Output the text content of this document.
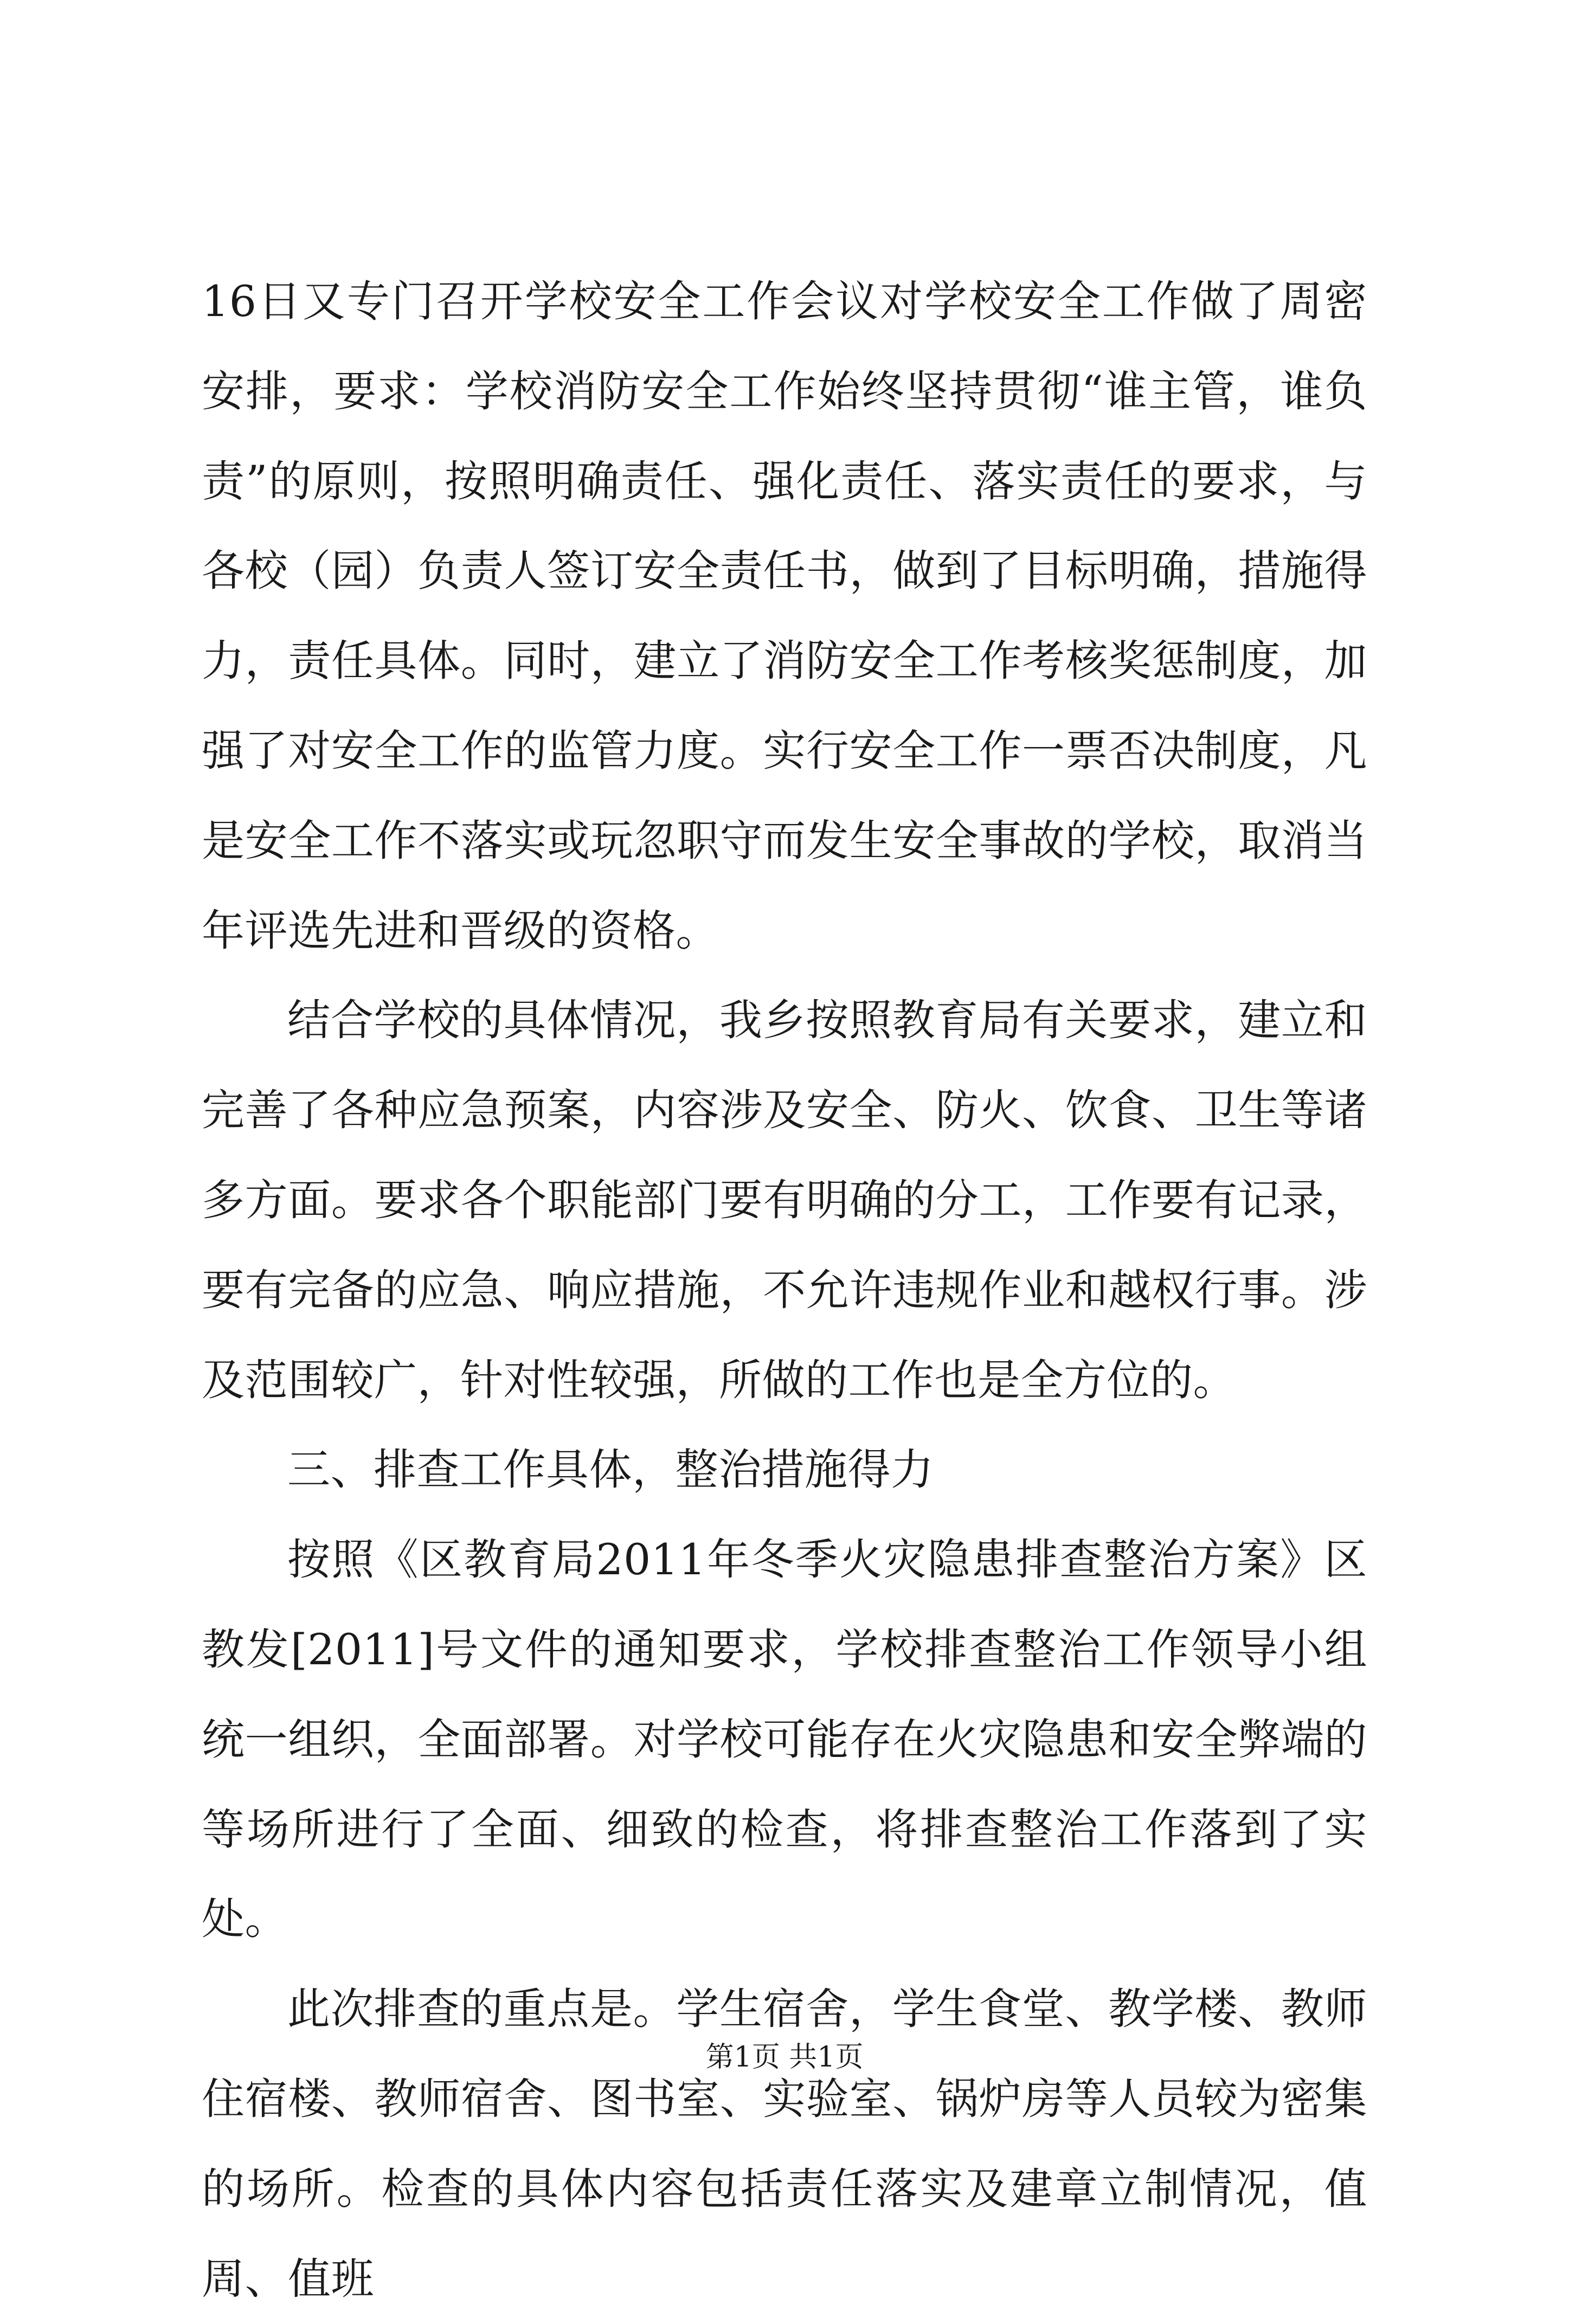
16日又专门召开学校安全工作会议对学校安全工作做了周密安排，要求：学校消防安全工作始终坚持贯彻“谁主管，谁负责”的原则，按照明确责任、强化责任、落实责任的要求，与各校（园）负责人签订安全责任书，做到了目标明确，措施得力，责任具体。同时，建立了消防安全工作考核奖惩制度，加强了对安全工作的监管力度。实行安全工作一票否决制度，凡是安全工作不落实或玩忽职守而发生安全事故的学校，取消当年评选先进和晋级的资格。

结合学校的具体情况，我乡按照教育局有关要求，建立和完善了各种应急预案，内容涉及安全、防火、饮食、卫生等诸多方面。要求各个职能部门要有明确的分工，工作要有记录，要有完备的应急、响应措施，不允许违规作业和越权行事。涉及范围较广，针对性较强，所做的工作也是全方位的。

三、排查工作具体，整治措施得力

按照《区教育局2011年冬季火灾隐患排查整治方案》区教发[2011]号文件的通知要求，学校排查整治工作领导小组统一组织，全面部署。对学校可能存在火灾隐患和安全弊端的等场所进行了全面、细致的检查，将排查整治工作落到了实处。

此次排查的重点是。学生宿舍，学生食堂、教学楼、教师住宿楼、教师宿舍、图书室、实验室、锅炉房等人员较为密集的场所。检查的具体内容包括责任落实及建章立制情况，值周、值班

第1页 共1页
